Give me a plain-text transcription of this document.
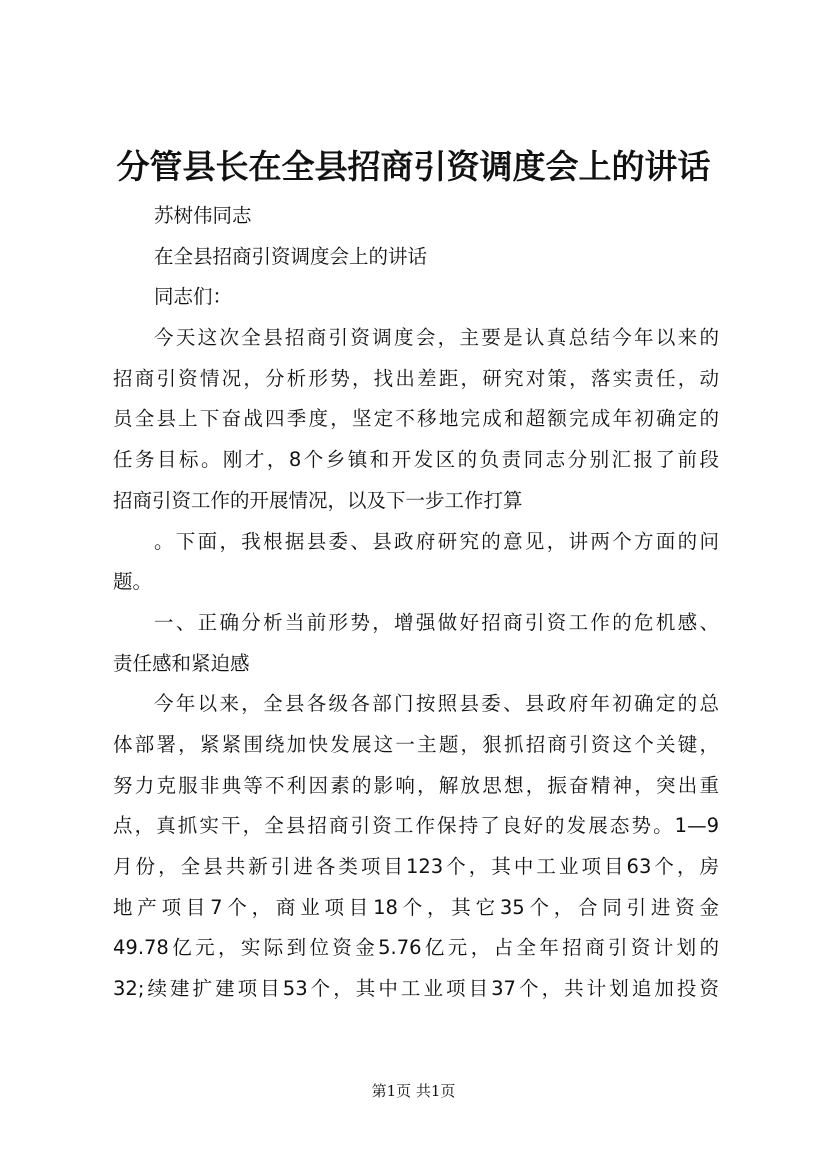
分管县长在全县招商引资调度会上的讲话
苏树伟同志
在全县招商引资调度会上的讲话
同志们：
今天这次全县招商引资调度会，主要是认真总结今年以来的
招商引资情况，分析形势，找出差距，研究对策，落实责任，动
员全县上下奋战四季度，坚定不移地完成和超额完成年初确定的
任务目标。刚才，8个乡镇和开发区的负责同志分别汇报了前段
招商引资工作的开展情况，以及下一步工作打算
。下面，我根据县委、县政府研究的意见，讲两个方面的问
题。
一、正确分析当前形势，增强做好招商引资工作的危机感、
责任感和紧迫感
今年以来，全县各级各部门按照县委、县政府年初确定的总
体部署，紧紧围绕加快发展这一主题，狠抓招商引资这个关键，
努力克服非典等不利因素的影响，解放思想，振奋精神，突出重
点，真抓实干，全县招商引资工作保持了良好的发展态势。1—9
月份，全县共新引进各类项目123个，其中工业项目63个，房
地产项目7个，商业项目18个，其它35个，合同引进资金
49.78亿元，实际到位资金5.76亿元，占全年招商引资计划的
32;续建扩建项目53个，其中工业项目37个，共计划追加投资
第1页 共1页
